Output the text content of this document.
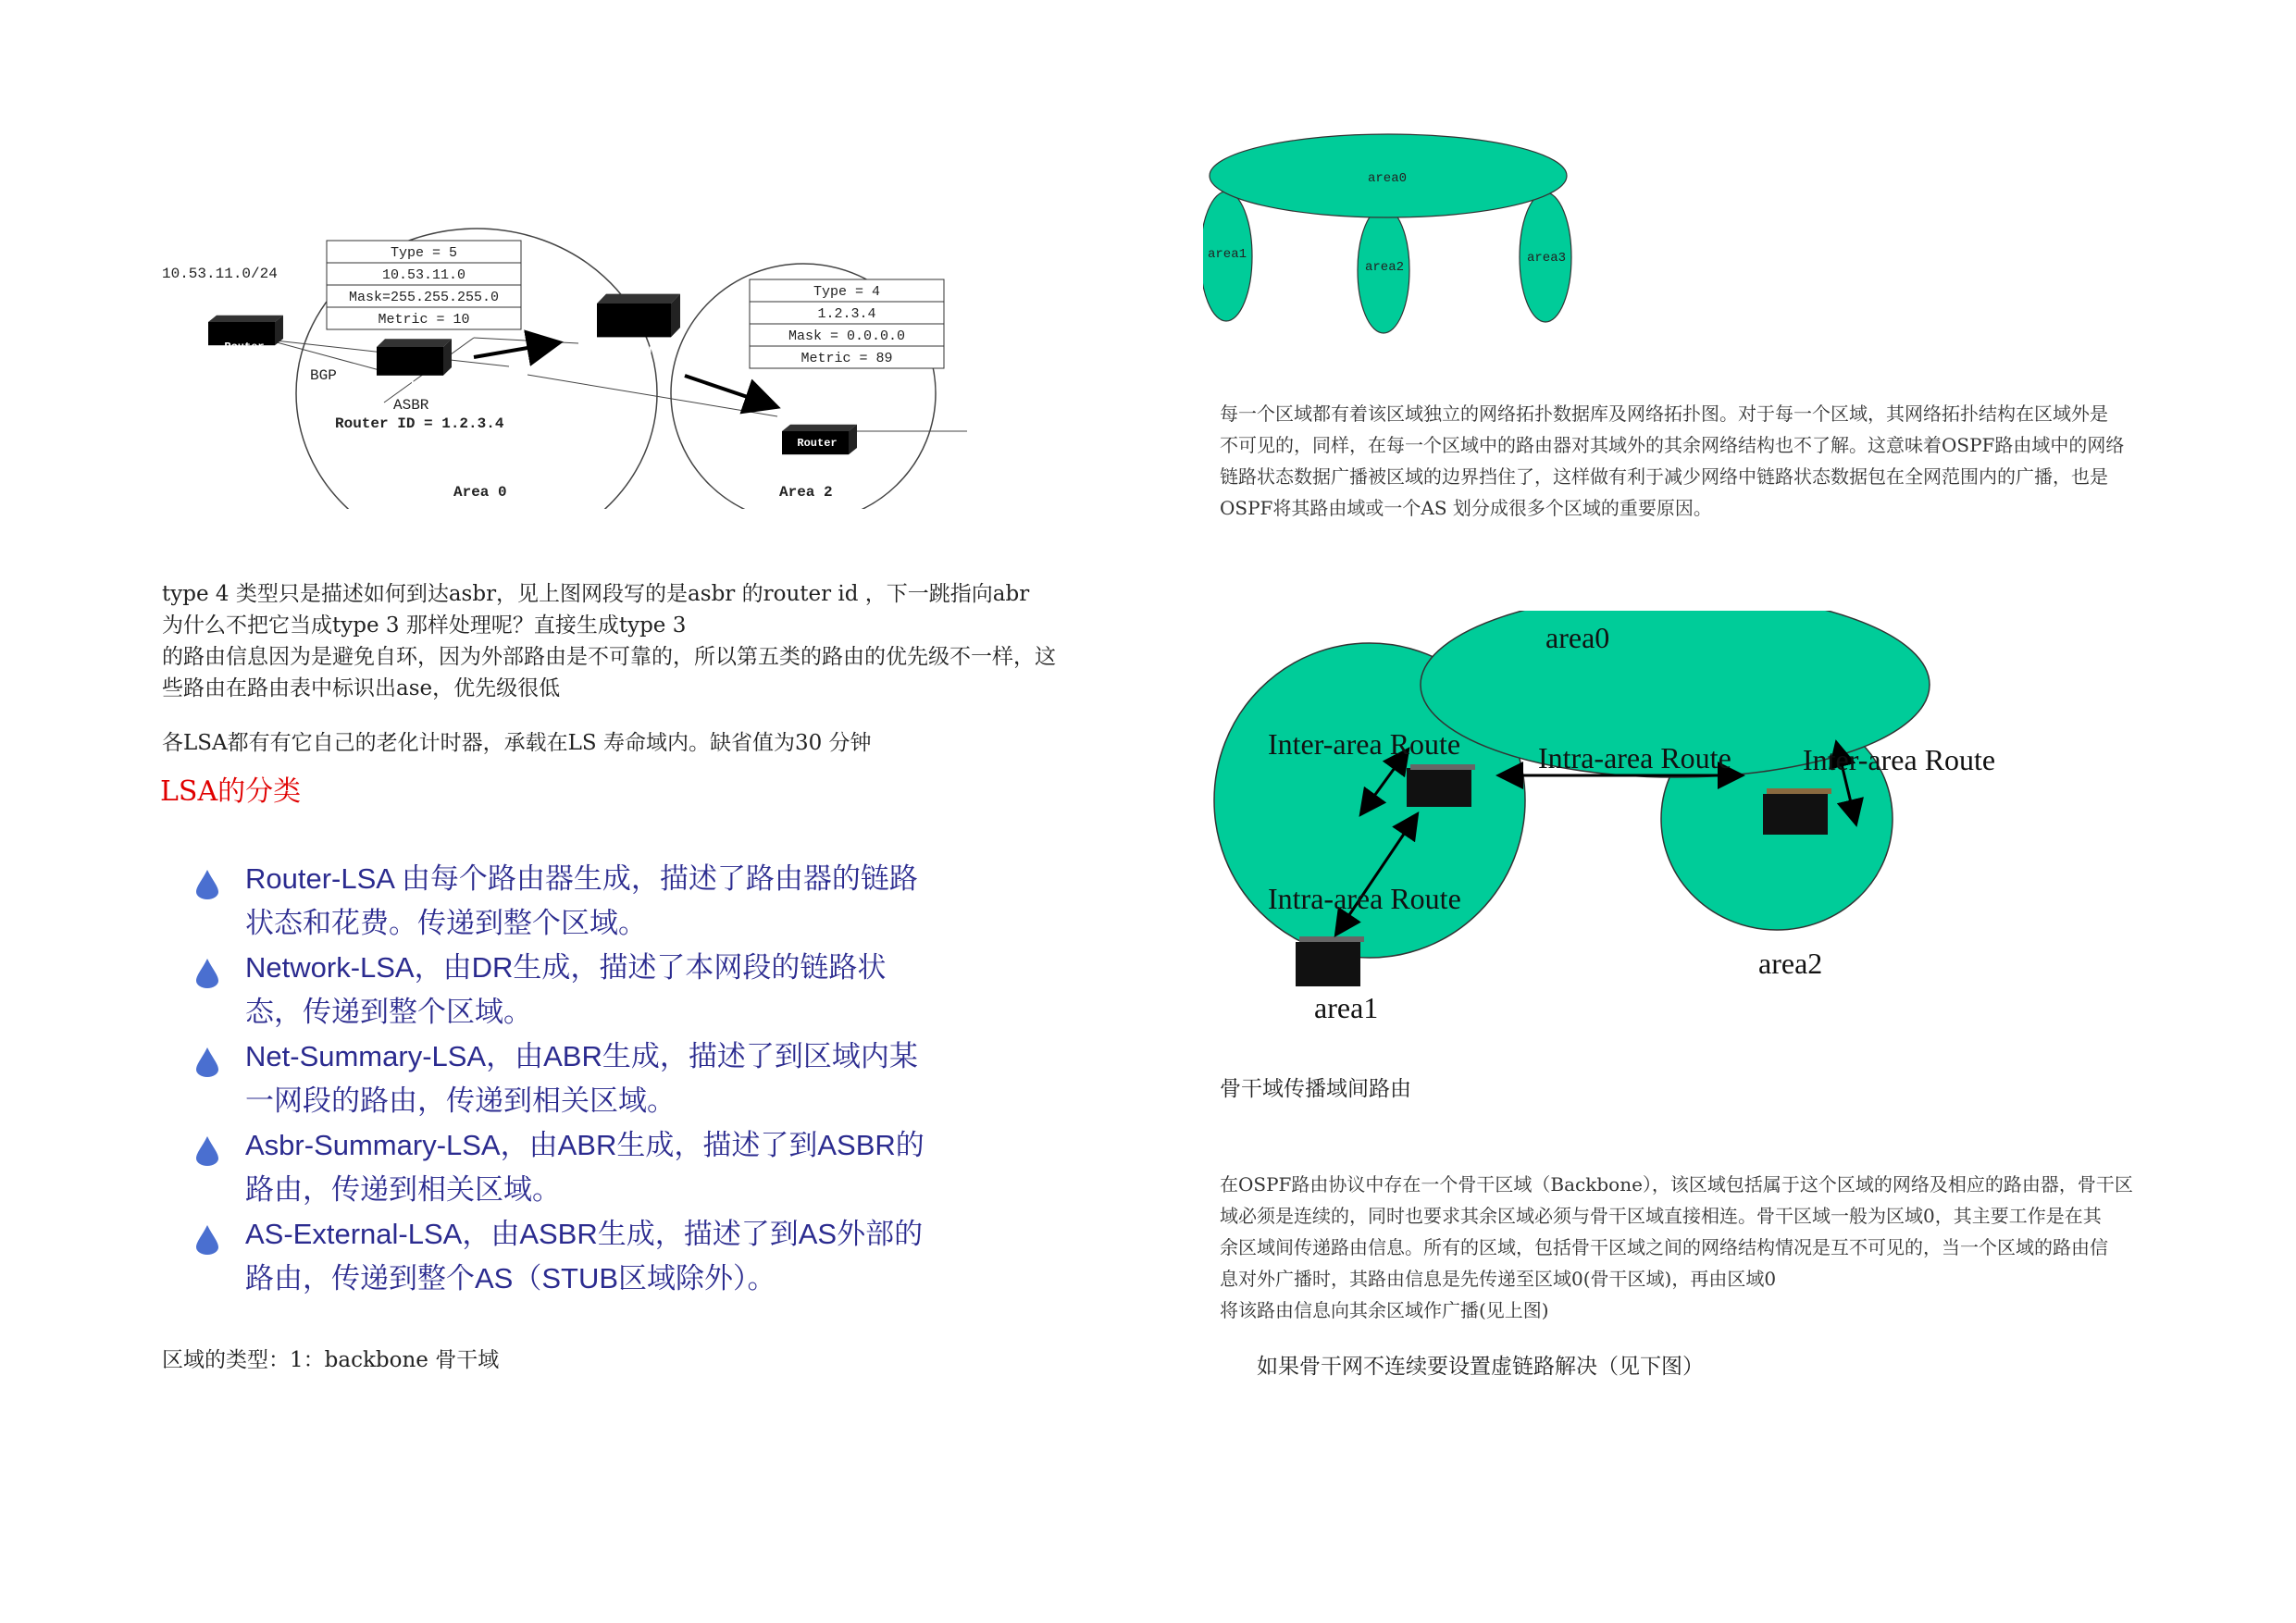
Router
Router
Router
Router
10.53.11.0/24
BGP
ASBR
Router ID = 1.2.3.4
Area 0	Area 2
Type = 5
10.53.11.0
Mask=255.255.255.0
Metric = 10
Type = 4
1.2.3.4
Mask = 0.0.0.0
Metric = 89
type 4 类型只是描述如何到达asbr，见上图网段写的是asbr 的router id ，下一跳指向abr
为什么不把它当成type 3 那样处理呢？直接生成type 3
的路由信息因为是避免自环，因为外部路由是不可靠的，所以第五类的路由的优先级不一样，这
些路由在路由表中标识出ase，优先级很低
各LSA都有有它自己的老化计时器，承载在LS 寿命域内。缺省值为30 分钟
LSA的分类
Router-LSA 由每个路由器生成，描述了路由器的链路
状态和花费。传递到整个区域。
Network-LSA，由DR生成，描述了本网段的链路状
态，传递到整个区域。
Net-Summary-LSA，由ABR生成，描述了到区域内某
一网段的路由，传递到相关区域。
Asbr-Summary-LSA，由ABR生成，描述了到ASBR的
路由，传递到相关区域。
AS-External-LSA，由ASBR生成，描述了到AS外部的
路由，传递到整个AS（STUB区域除外）。
区域的类型：1：backbone 骨干域
area0
area1
area2
area3
每一个区域都有着该区域独立的网络拓扑数据库及网络拓扑图。对于每一个区域，其网络拓扑结构在区域外是
不可见的，同样，在每一个区域中的路由器对其域外的其余网络结构也不了解。这意味着OSPF路由域中的网络
链路状态数据广播被区域的边界挡住了，这样做有利于减少网络中链路状态数据包在全网范围内的广播，也是
OSPF将其路由域或一个AS 划分成很多个区域的重要原因。
area0
Inter-area Route	Intra-area Route Inter-area Route
Intra-area Route
area1
area2
骨干域传播域间路由
在OSPF路由协议中存在一个骨干区域（Backbone），该区域包括属于这个区域的网络及相应的路由器，骨干区
域必须是连续的，同时也要求其余区域必须与骨干区域直接相连。骨干区域一般为区域0，其主要工作是在其
余区域间传递路由信息。所有的区域，包括骨干区域之间的网络结构情况是互不可见的，当一个区域的路由信
息对外广播时，其路由信息是先传递至区域0(骨干区域)，再由区域0
将该路由信息向其余区域作广播(见上图)
如果骨干网不连续要设置虚链路解决（见下图）
